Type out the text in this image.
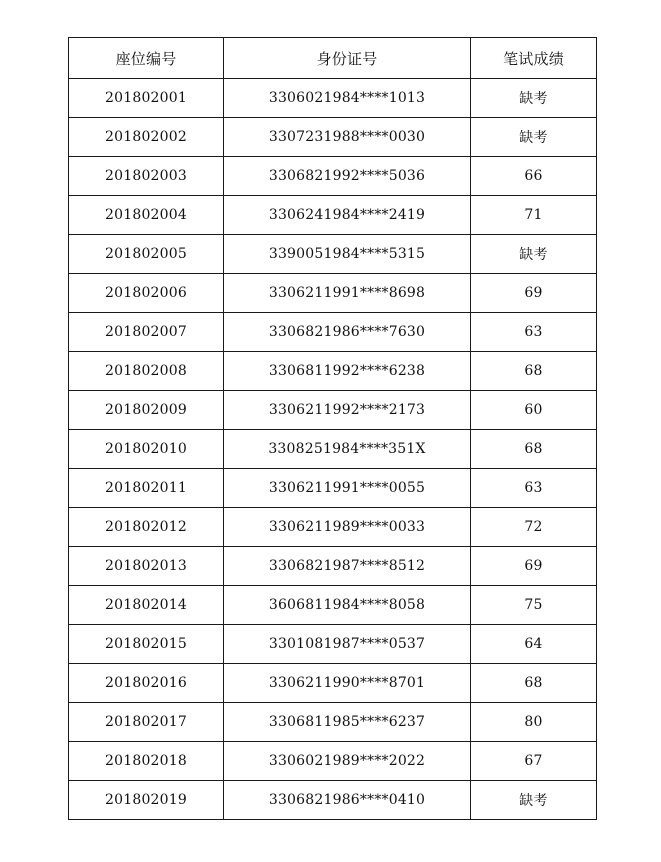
座位编号	身份证号	笔试成绩
201802001	3306021984****1013	缺考
201802002	3307231988****0030	缺考
201802003	3306821992****5036	66
201802004	3306241984****2419	71
201802005	3390051984****5315	缺考
201802006	3306211991****8698	69
201802007	3306821986****7630	63
201802008	3306811992****6238	68
201802009	3306211992****2173	60
201802010	3308251984****351X	68
201802011	3306211991****0055	63
201802012	3306211989****0033	72
201802013	3306821987****8512	69
201802014	3606811984****8058	75
201802015	3301081987****0537	64
201802016	3306211990****8701	68
201802017	3306811985****6237	80
201802018	3306021989****2022	67
201802019	3306821986****0410	缺考
